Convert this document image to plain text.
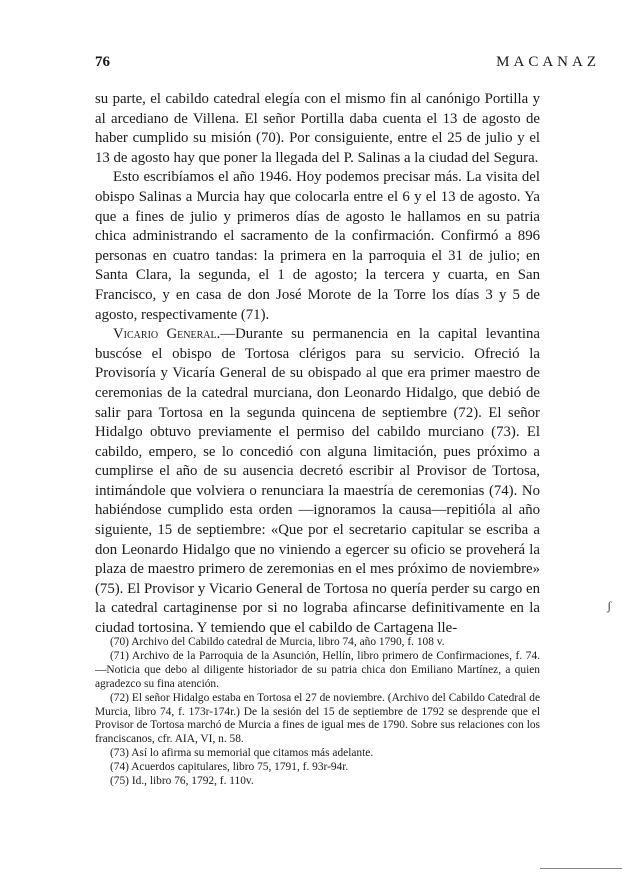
76	MACANAZ

su parte, el cabildo catedral elegía con el mismo fin al canónigo Portilla y al arcediano de Villena. El señor Portilla daba cuenta el 13 de agosto de haber cumplido su misión (70). Por consiguiente, entre el 25 de julio y el 13 de agosto hay que poner la llegada del P. Salinas a la ciudad del Segura.

Esto escribíamos el año 1946. Hoy podemos precisar más. La visita del obispo Salinas a Murcia hay que colocarla entre el 6 y el 13 de agosto. Ya que a fines de julio y primeros días de agosto le hallamos en su patria chica administrando el sacramento de la confirmación. Confirmó a 896 personas en cuatro tandas: la primera en la parroquia el 31 de julio; en Santa Clara, la segunda, el 1 de agosto; la tercera y cuarta, en San Francisco, y en casa de don José Morote de la Torre los días 3 y 5 de agosto, respectivamente (71).

Vicario General.—Durante su permanencia en la capital levantina buscóse el obispo de Tortosa clérigos para su servicio. Ofreció la Provisoría y Vicaría General de su obispado al que era primer maestro de ceremonias de la catedral murciana, don Leonardo Hidalgo, que debió de salir para Tortosa en la segunda quincena de septiembre (72). El señor Hidalgo obtuvo previamente el permiso del cabildo murciano (73). El cabildo, empero, se lo concedió con alguna limitación, pues próximo a cumplirse el año de su ausencia decretó escribir al Provisor de Tortosa, intimándole que volviera o renunciara la maestría de ceremonias (74). No habiéndose cumplido esta orden —ignoramos la causa—repitióla al año siguiente, 15 de septiembre: «Que por el secretario capitular se escriba a don Leonardo Hidalgo que no viniendo a egercer su oficio se proveherá la plaza de maestro primero de zeremonias en el mes próximo de noviembre» (75). El Provisor y Vicario General de Tortosa no quería perder su cargo en la catedral cartaginense por si no lograba afincarse definitivamente en la ciudad tortosina. Y temiendo que el cabildo de Cartagena lle-

(70) Archivo del Cabildo catedral de Murcia, libro 74, año 1790, f. 108 v.

(71) Archivo de la Parroquia de la Asunción, Hellín, libro primero de Confirmaciones, f. 74.—Noticia que debo al diligente historiador de su patria chica don Emiliano Martínez, a quien agradezco su fina atención.

(72) El señor Hidalgo estaba en Tortosa el 27 de noviembre. (Archivo del Cabildo Catedral de Murcia, libro 74, f. 173r-174r.) De la sesión del 15 de septiembre de 1792 se desprende que el Provisor de Tortosa marchó de Murcia a fines de igual mes de 1790. Sobre sus relaciones con los franciscanos, cfr. AIA, VI, n. 58.

(73) Así lo afirma su memorial que citamos más adelante.

(74) Acuerdos capitulares, libro 75, 1791, f. 93r-94r.

(75) Id., libro 76, 1792, f. 110v.

ʃ
